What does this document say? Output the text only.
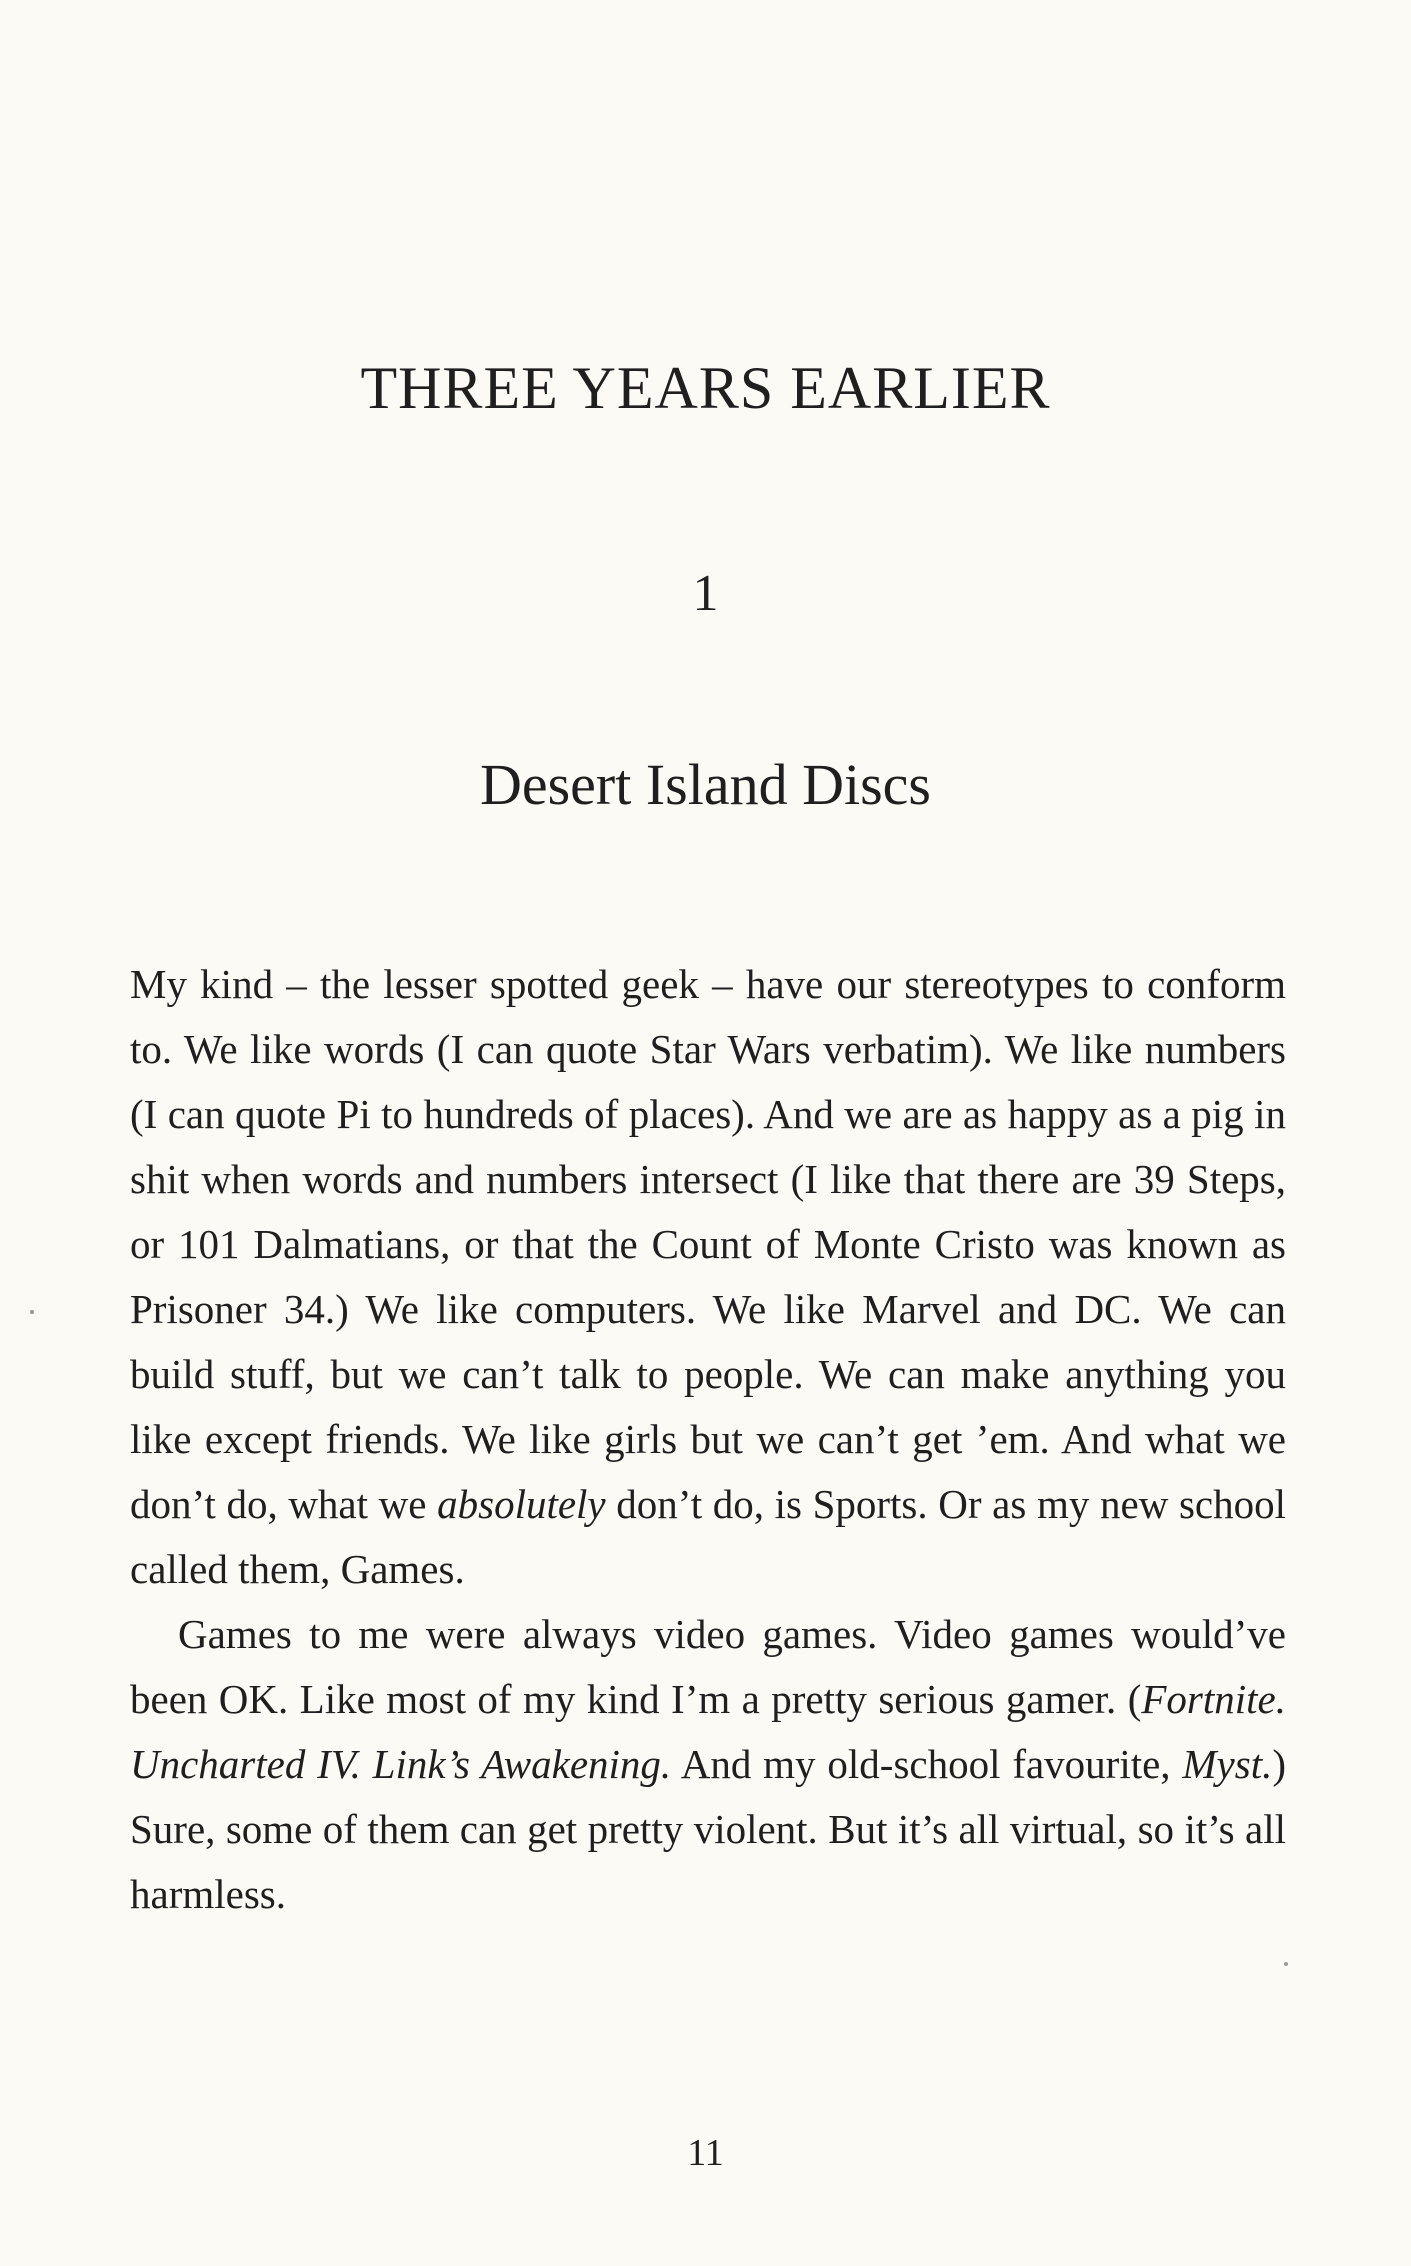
THREE YEARS EARLIER
1
Desert Island Discs

My kind – the lesser spotted geek – have our stereotypes to conform to. We like words (I can quote Star Wars verbatim). We like numbers (I can quote Pi to hundreds of places). And we are as happy as a pig in shit when words and numbers intersect (I like that there are 39 Steps, or 101 Dalmatians, or that the Count of Monte Cristo was known as Prisoner 34.) We like computers. We like Marvel and DC. We can build stuff, but we can’t talk to people. We can make anything you like except friends. We like girls but we can’t get ’em. And what we don’t do, what we absolutely don’t do, is Sports. Or as my new school called them, Games.

Games to me were always video games. Video games would’ve been OK. Like most of my kind I’m a pretty serious gamer. (Fortnite. Uncharted IV. Link’s Awakening. And my old-school favourite, Myst.) Sure, some of them can get pretty violent. But it’s all virtual, so it’s all harmless.

11
